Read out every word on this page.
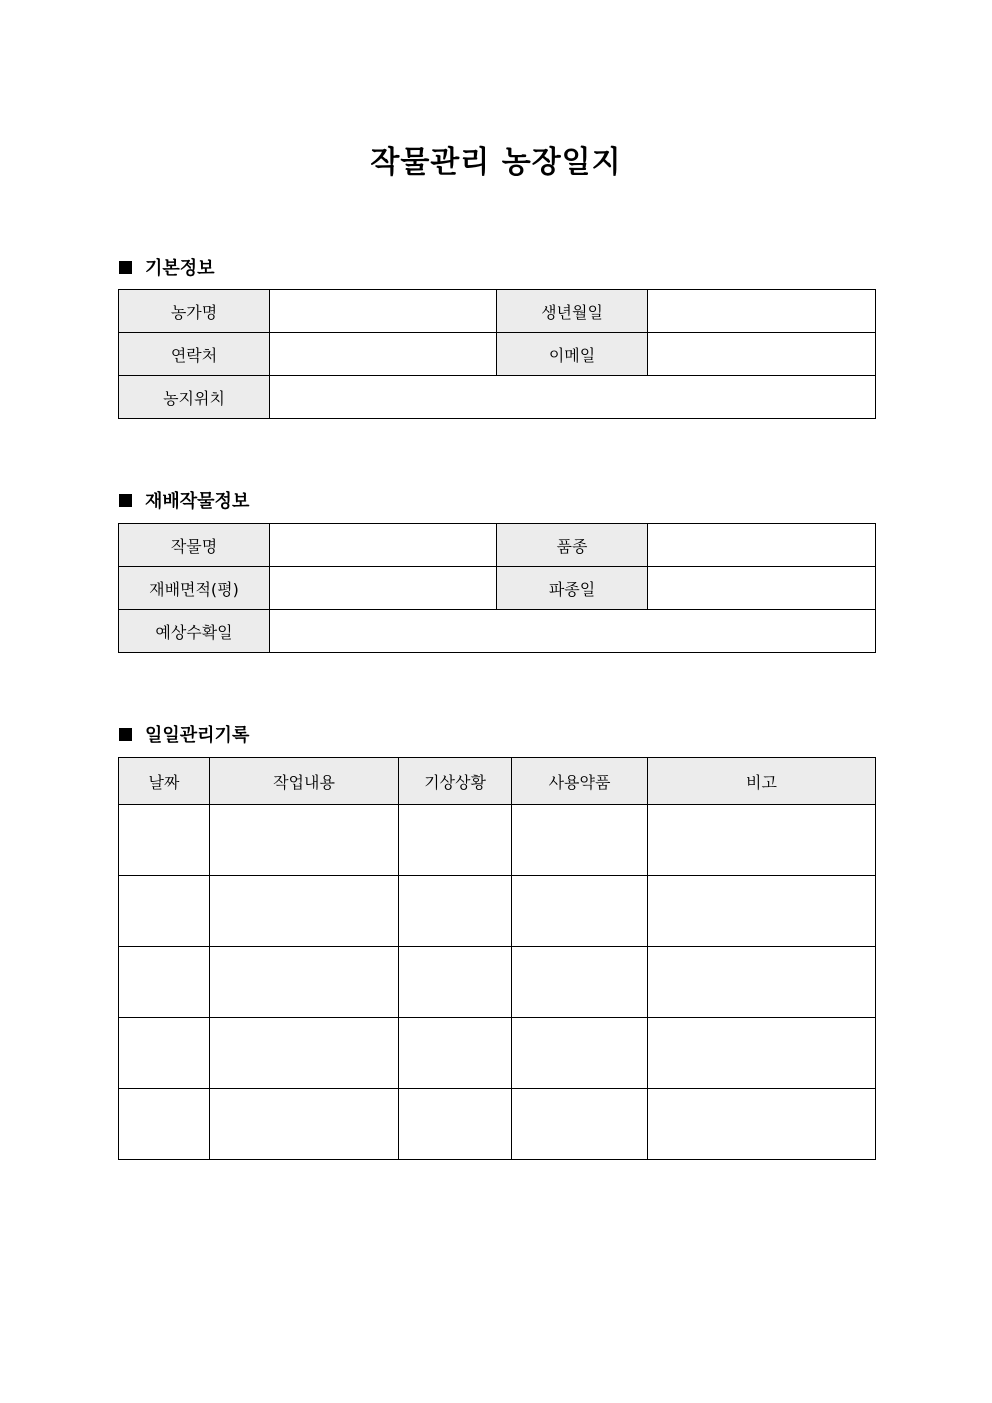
작물관리 농장일지
기본정보
농가명		생년월일	
연락처		이메일	
농지위치			
재배작물정보
작물명		품종	
재배면적(평)		파종일	
예상수확일			
일일관리기록
날짜	작업내용	기상상황	사용약품	비고
